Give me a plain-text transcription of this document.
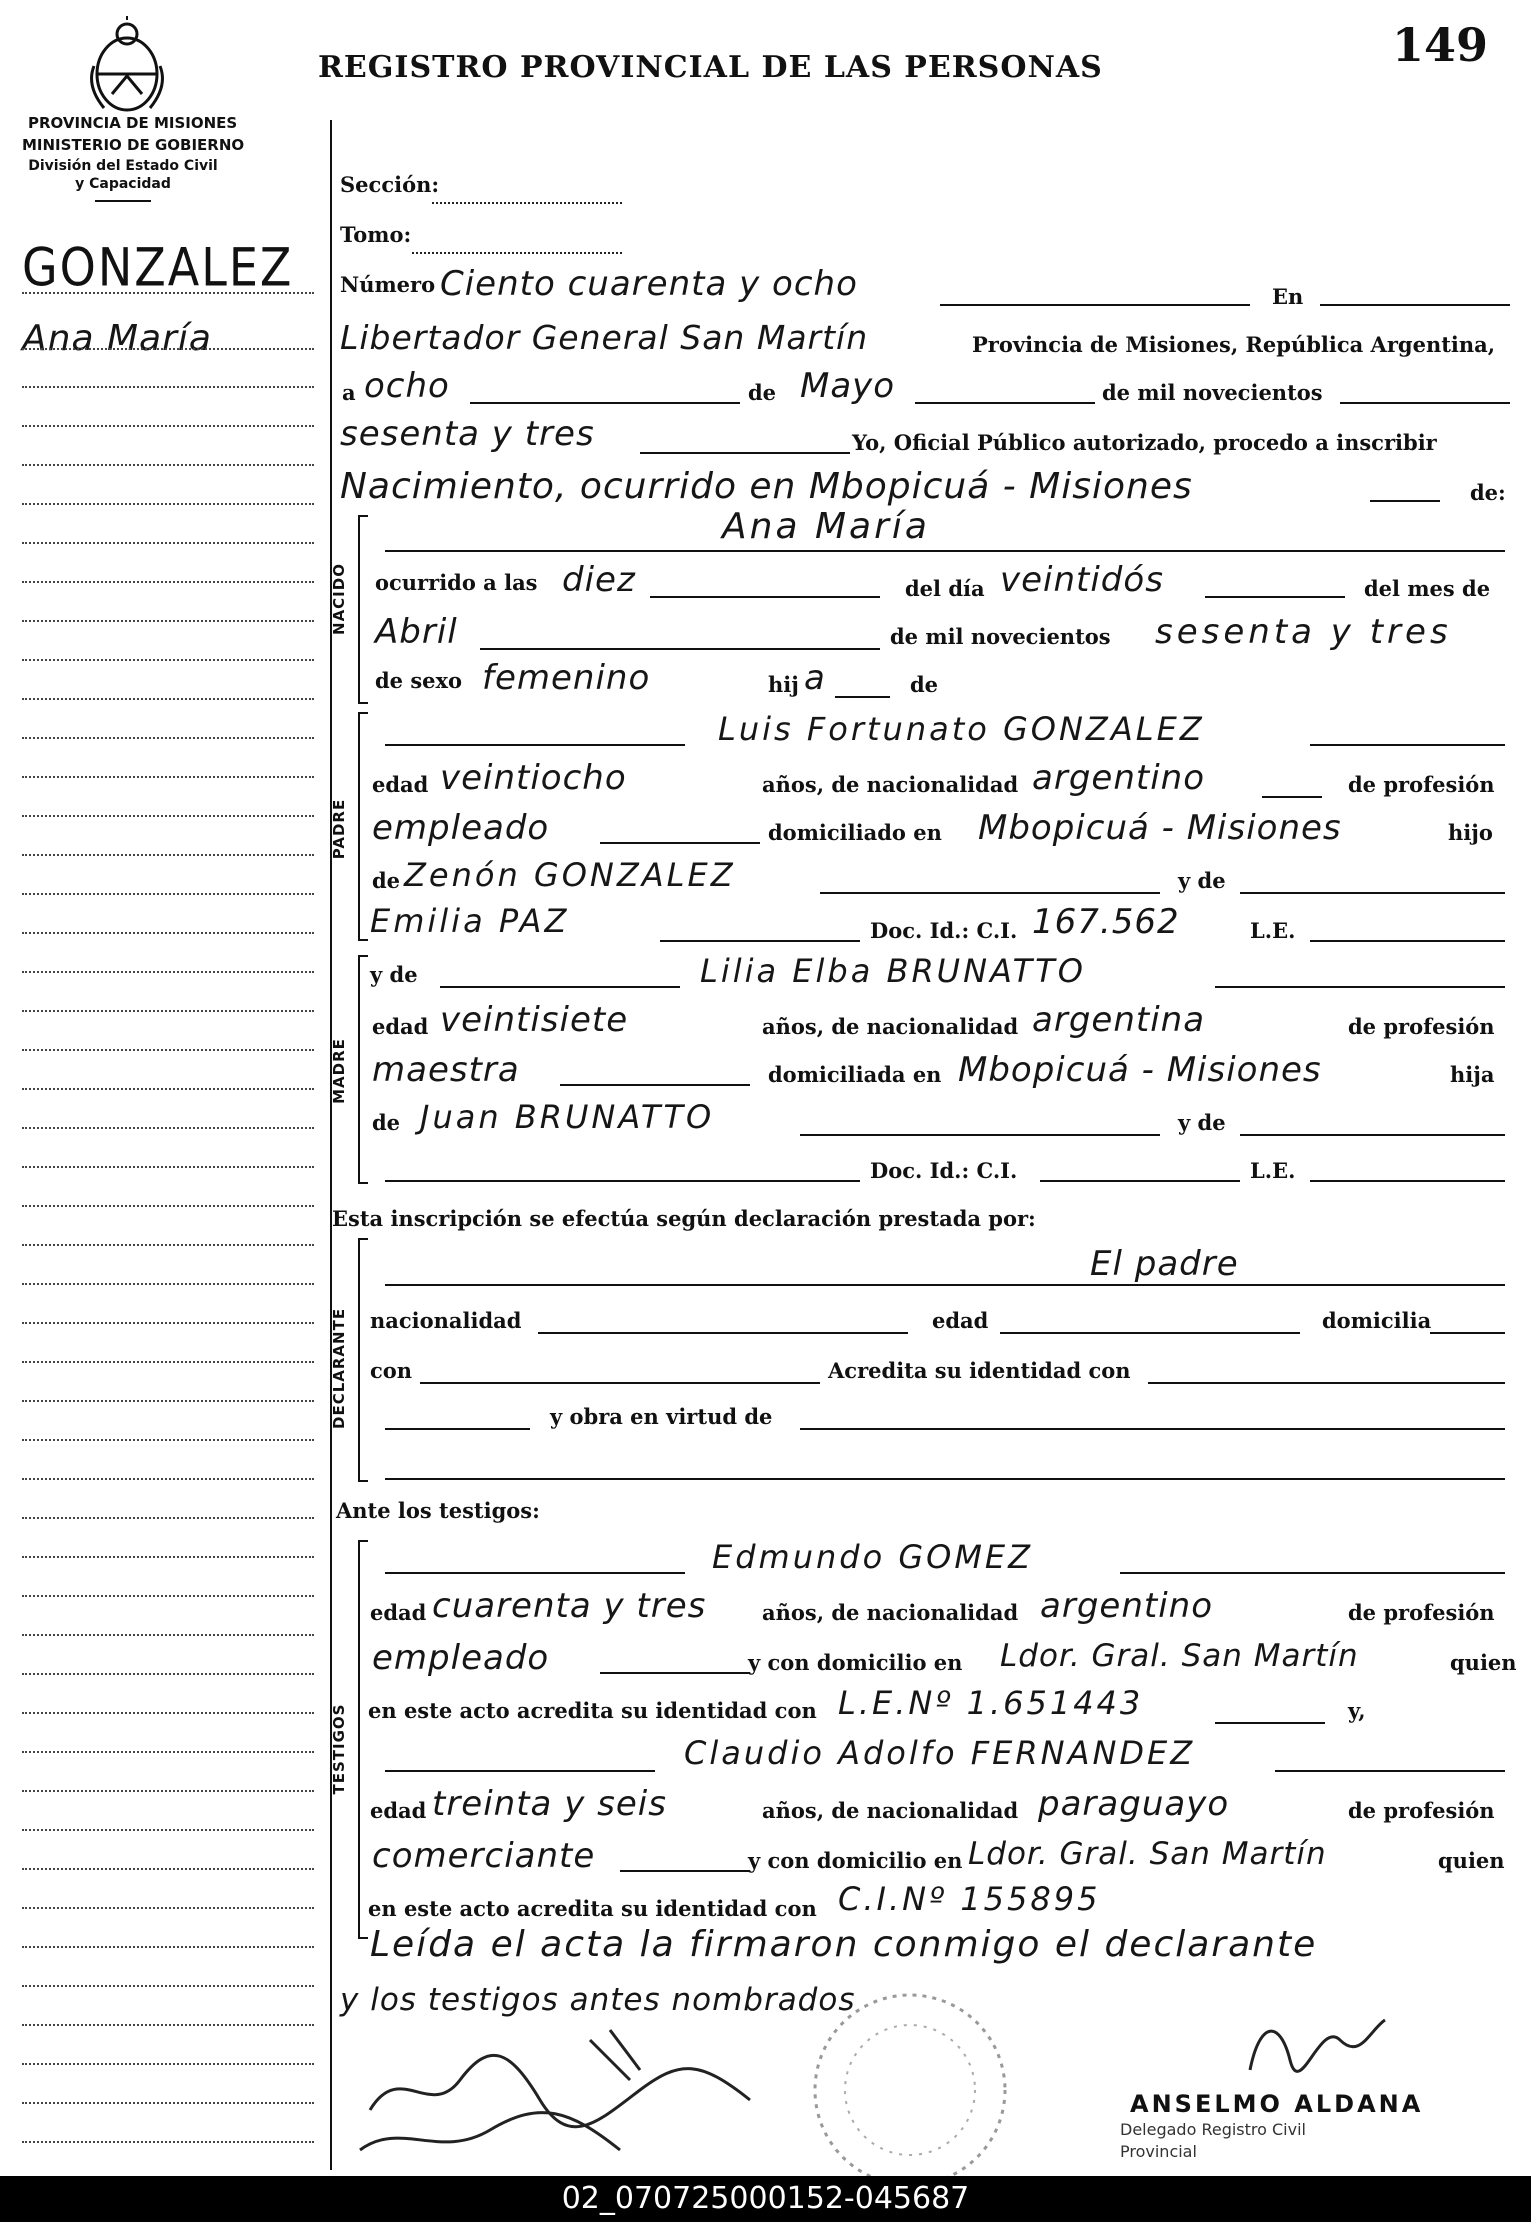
149
REGISTRO PROVINCIAL DE LAS PERSONAS
PROVINCIA DE MISIONES
MINISTERIO DE GOBIERNO
División del Estado Civil
y Capacidad
GONZALEZ
Ana María
Sección:
Tomo:
Número Ciento cuarenta y ocho	En
Libertador General San Martín	Provincia de Misiones, República Argentina,
a ocho	de Mayo	de mil novecientos
sesenta y tres	Yo, Oficial Público autorizado, procedo a inscribir
Nacimiento, ocurrido en Mbopicuá - Misiones	de:
NACIDO
Ana María
ocurrido a las diez	del día veintidós	del mes de
Abril	de mil novecientos sesenta y tres
de sexo femenino	hij a	de
PADRE
Luis Fortunato GONZALEZ
edad veintiocho	años, de nacionalidad argentino	de profesión
empleado	domiciliado en Mbopicuá - Misiones	hijo
de Zenón GONZALEZ	y de
Emilia PAZ	Doc. Id.: C.I. 167.562	L.E.
MADRE
y de	Lilia Elba BRUNATTO
edad veintisiete	años, de nacionalidad argentina	de profesión
maestra	domiciliada en Mbopicuá - Misiones	hija
de Juan BRUNATTO	y de
Doc. Id.: C.I.	L.E.
Esta inscripción se efectúa según declaración prestada por:
DECLARANTE
El padre
nacionalidad	edad	domicilia
con	Acredita su identidad con
y obra en virtud de
Ante los testigos:
TESTIGOS
Edmundo GOMEZ
edad cuarenta y tres	años, de nacionalidad argentino	de profesión
empleado	y con domicilio en Ldor. Gral. San Martín	quien
en este acto acredita su identidad con L.E.Nº 1.651443	y,
Claudio Adolfo FERNANDEZ
edad treinta y seis	años, de nacionalidad paraguayo	de profesión
comerciante	y con domicilio en Ldor. Gral. San Martín	quien
en este acto acredita su identidad con C.I.Nº 155895
Leída el acta la firmaron conmigo el declarante
y los testigos antes nombrados
ANSELMO ALDANA
Delegado Registro Civil
Provincial
02_070725000152-045687
